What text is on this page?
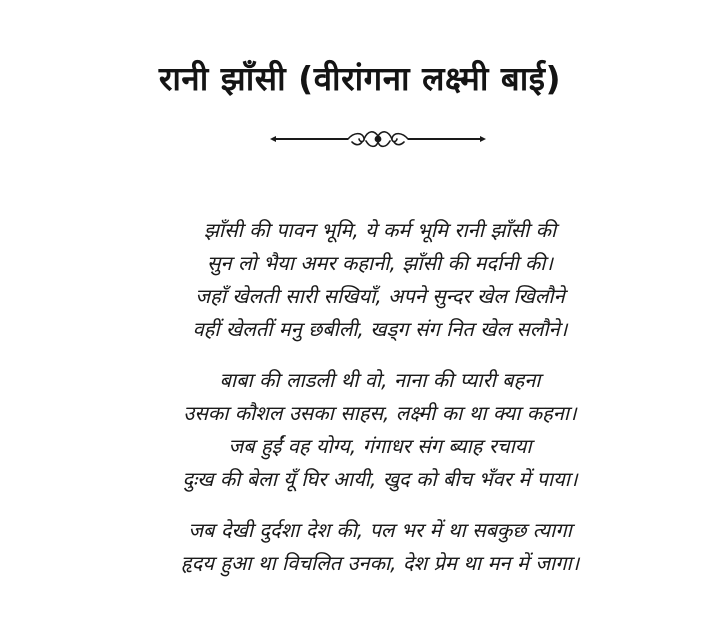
रानी झाँसी (वीरांगना लक्ष्मी बाई)
झाँसी की पावन भूमि, ये कर्म भूमि रानी झाँसी की
सुन लो भैया अमर कहानी, झाँसी की मर्दानी की।
जहाँ खेलती सारी सखियाँ, अपने सुन्दर खेल खिलौने
वहीं खेलतीं मनु छबीली, खड्ग संग नित खेल सलौने।
बाबा की लाडली थी वो, नाना की प्यारी बहना
उसका कौशल उसका साहस, लक्ष्मी का था क्या कहना।
जब हुईं वह योग्य, गंगाधर संग ब्याह रचाया
दुःख की बेला यूँ घिर आयी, खुद को बीच भँवर में पाया।
जब देखी दुर्दशा देश की, पल भर में था सबकुछ त्यागा
हृदय हुआ था विचलित उनका, देश प्रेम था मन में जागा।
